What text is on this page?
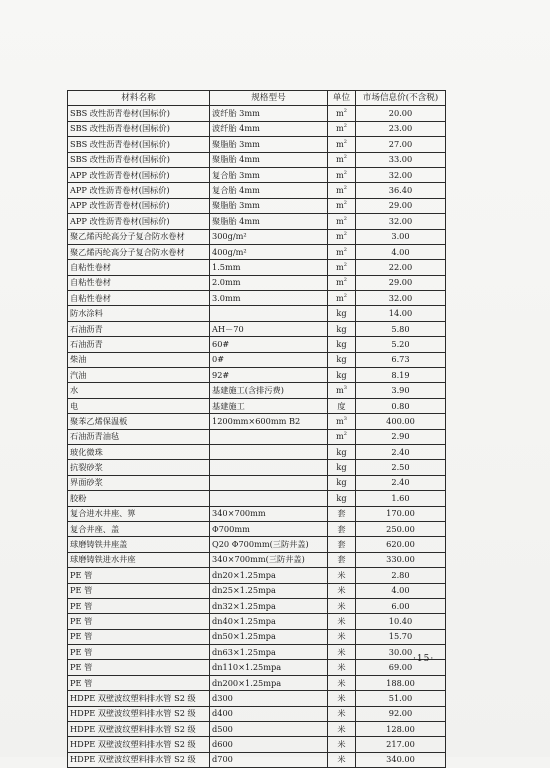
材料名称	规格型号	单位	市场信息价(不含税)
SBS 改性沥青卷材(国标价)	波纤胎 3mm	$m^2$	20.00
SBS 改性沥青卷材(国标价)	波纤胎 4mm	$m^2$	23.00
SBS 改性沥青卷材(国标价)	聚脂胎 3mm	$m^2$	27.00
SBS 改性沥青卷材(国标价)	聚脂胎 4mm	$m^2$	33.00
APP 改性沥青卷材(国标价)	复合胎 3mm	$m^2$	32.00
APP 改性沥青卷材(国标价)	复合胎 4mm	$m^2$	36.40
APP 改性沥青卷材(国标价)	聚脂胎 3mm	$m^2$	29.00
APP 改性沥青卷材(国标价)	聚脂胎 4mm	$m^2$	32.00
聚乙烯丙纶高分子复合防水卷材	300g/m²	$m^2$	3.00
聚乙烯丙纶高分子复合防水卷材	400g/m²	$m^2$	4.00
自粘性卷材	1.5mm	$m^2$	22.00
自粘性卷材	2.0mm	$m^2$	29.00
自粘性卷材	3.0mm	$m^2$	32.00
防水涂料		kg	14.00
石油沥青	AH－70	kg	5.80
石油沥青	60#	kg	5.20
柴油	0#	kg	6.73
汽油	92#	kg	8.19
水	基建施工(含排污费)	$m^3$	3.90
电	基建施工	度	0.80
聚苯乙烯保温板	1200mm×600mm B2	$m^3$	400.00
石油沥青油毡		$m^2$	2.90
玻化微珠		kg	2.40
抗裂砂浆		kg	2.50
界面砂浆		kg	2.40
胶粉		kg	1.60
复合进水井座、箅	340×700mm	套	170.00
复合井座、盖	Φ700mm	套	250.00
球磨铸铁井座盖	Q20 Φ700mm(三防井盖)	套	620.00
球磨铸铁进水井座	340×700mm(三防井盖)	套	330.00
PE 管	dn20×1.25mpa	米	2.80
PE 管	dn25×1.25mpa	米	4.00
PE 管	dn32×1.25mpa	米	6.00
PE 管	dn40×1.25mpa	米	10.40
PE 管	dn50×1.25mpa	米	15.70
PE 管	dn63×1.25mpa	米	30.00
PE 管	dn110×1.25mpa	米	69.00
PE 管	dn200×1.25mpa	米	188.00
HDPE 双壁波纹塑料排水管 S2 级	d300	米	51.00
HDPE 双壁波纹塑料排水管 S2 级	d400	米	92.00
HDPE 双壁波纹塑料排水管 S2 级	d500	米	128.00
HDPE 双壁波纹塑料排水管 S2 级	d600	米	217.00
HDPE 双壁波纹塑料排水管 S2 级	d700	米	340.00
·15·
